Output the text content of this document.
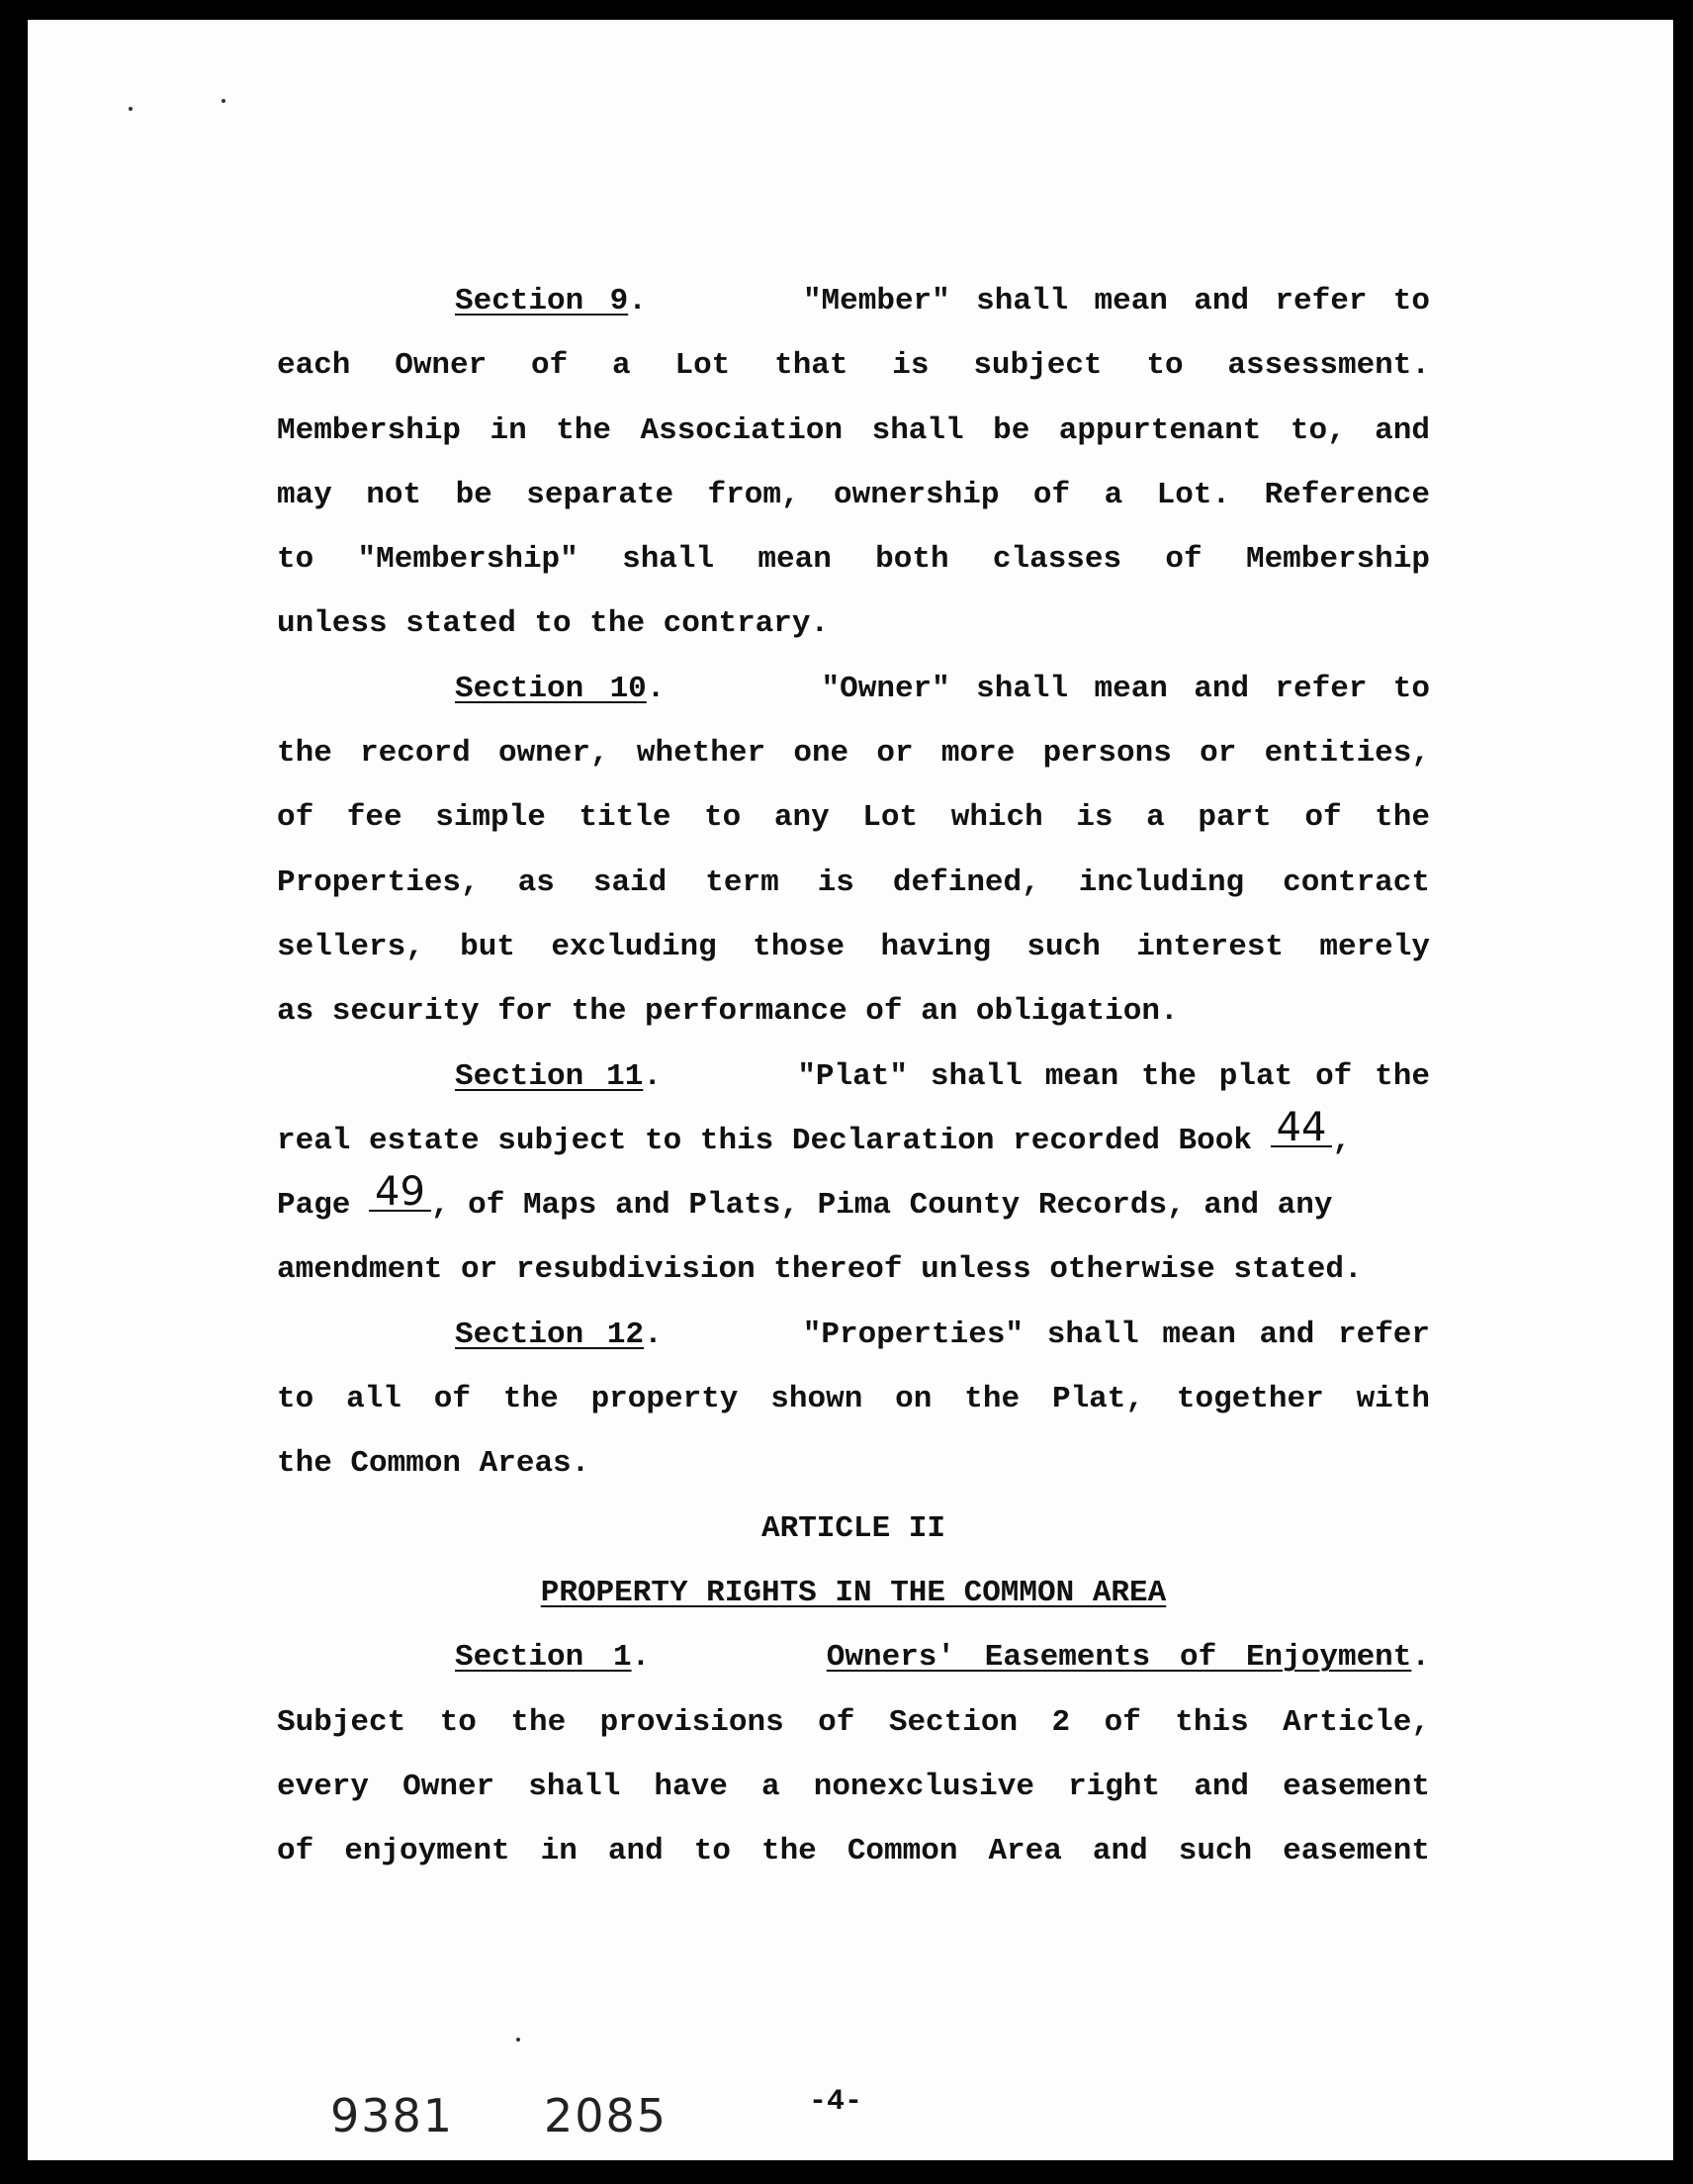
Section 9.	"Member" shall mean and refer to
each Owner of a Lot that is subject to assessment.
Membership in the Association shall be appurtenant to, and
may not be separate from, ownership of a Lot. Reference
to "Membership" shall mean both classes of Membership
unless stated to the contrary.
Section 10.	"Owner" shall mean and refer to
the record owner, whether one or more persons or entities,
of fee simple title to any Lot which is a part of the
Properties, as said term is defined, including contract
sellers, but excluding those having such interest merely
as security for the performance of an obligation.
Section 11.	"Plat" shall mean the plat of the
real estate subject to this Declaration recorded Book 44 ,
Page 49 , of Maps and Plats, Pima County Records, and any
amendment or resubdivision thereof unless otherwise stated.
Section 12.	"Properties" shall mean and refer
to all of the property shown on the Plat, together with
the Common Areas.
ARTICLE II
PROPERTY RIGHTS IN THE COMMON AREA
Section 1.      Owners' Easements of Enjoyment.
Subject to the provisions of Section 2 of this Article,
every Owner shall have a nonexclusive right and easement
of enjoyment in and to the Common Area and such easement
9381 2085	-4-
